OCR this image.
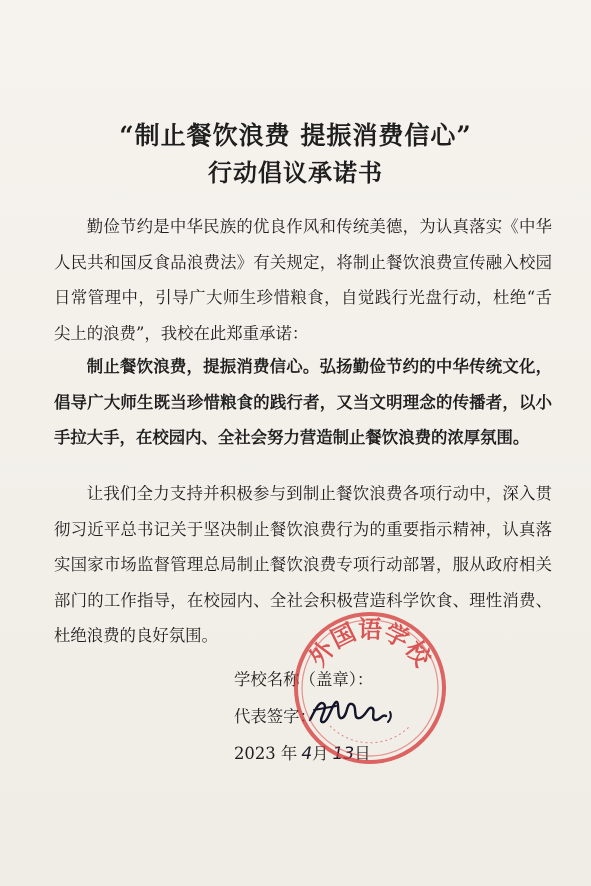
“制止餐饮浪费 提振消费信心”
行动倡议承诺书

勤俭节约是中华民族的优良作风和传统美德，为认真落实《中华人民共和国反食品浪费法》有关规定，将制止餐饮浪费宣传融入校园日常管理中，引导广大师生珍惜粮食，自觉践行光盘行动，杜绝“舌尖上的浪费”，我校在此郑重承诺：

制止餐饮浪费，提振消费信心。弘扬勤俭节约的中华传统文化，倡导广大师生既当珍惜粮食的践行者，又当文明理念的传播者，以小手拉大手，在校园内、全社会努力营造制止餐饮浪费的浓厚氛围。

让我们全力支持并积极参与到制止餐饮浪费各项行动中，深入贯彻习近平总书记关于坚决制止餐饮浪费行为的重要指示精神，认真落实国家市场监督管理总局制止餐饮浪费专项行动部署，服从政府相关部门的工作指导，在校园内、全社会积极营造科学饮食、理性消费、杜绝浪费的良好氛围。

学校名称（盖章）：
代表签字：
2023 年 4月 13日
外国语学校
